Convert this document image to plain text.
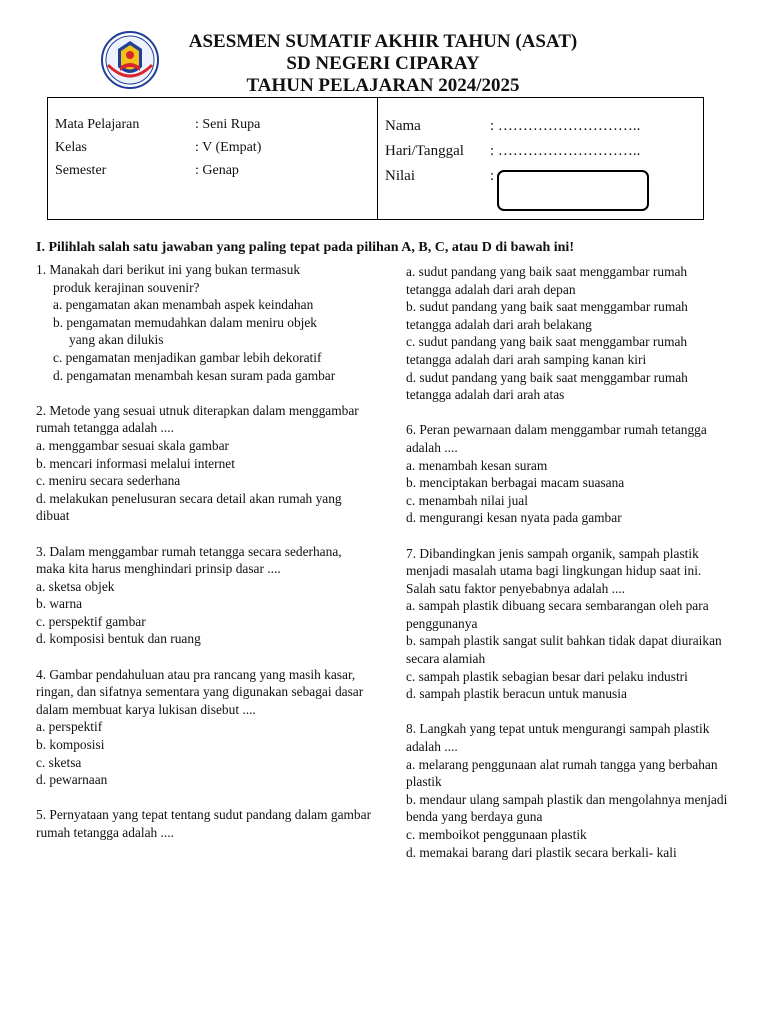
ASESMEN SUMATIF AKHIR TAHUN (ASAT)
SD NEGERI CIPARAY
TAHUN PELAJARAN 2024/2025
Mata Pelajaran	: Seni Rupa
Kelas	: V (Empat)
Semester	: Genap
Nama	: ………………………..
Hari/Tanggal : ………………………..
Nilai	:
I. Pilihlah salah satu jawaban yang paling tepat pada pilihan A, B, C, atau D di bawah ini!

1. Manakah dari berikut ini yang bukan termasuk

produk kerajinan souvenir?

a. pengamatan akan menambah aspek keindahan

b. pengamatan memudahkan dalam meniru objek

yang akan dilukis

c. pengamatan menjadikan gambar lebih dekoratif

d. pengamatan menambah kesan suram pada gambar

2. Metode yang sesuai utnuk diterapkan dalam menggambar rumah tetangga adalah ....

a. menggambar sesuai skala gambar

b. mencari informasi melalui internet

c. meniru secara sederhana

d. melakukan penelusuran secara detail akan rumah yang dibuat

3. Dalam menggambar rumah tetangga secara sederhana, maka kita harus menghindari prinsip dasar ....

a. sketsa objek

b. warna

c. perspektif gambar

d. komposisi bentuk dan ruang

4. Gambar pendahuluan atau pra rancang yang masih kasar, ringan, dan sifatnya sementara yang digunakan sebagai dasar dalam membuat karya lukisan disebut ....

a. perspektif

b. komposisi

c. sketsa

d. pewarnaan

5. Pernyataan yang tepat tentang sudut pandang dalam gambar rumah tetangga adalah ....

a. sudut pandang yang baik saat menggambar rumah tetangga adalah dari arah depan

b. sudut pandang yang baik saat menggambar rumah tetangga adalah dari arah belakang

c. sudut pandang yang baik saat menggambar rumah tetangga adalah dari arah samping kanan kiri

d. sudut pandang yang baik saat menggambar rumah tetangga adalah dari arah atas

6. Peran pewarnaan dalam menggambar rumah tetangga adalah ....

a. menambah kesan suram

b. menciptakan berbagai macam suasana

c. menambah nilai jual

d. mengurangi kesan nyata pada gambar

7. Dibandingkan jenis sampah organik, sampah plastik menjadi masalah utama bagi lingkungan hidup saat ini. Salah satu faktor penyebabnya adalah ....

a. sampah plastik dibuang secara sembarangan oleh para penggunanya

b. sampah plastik sangat sulit bahkan tidak dapat diuraikan secara alamiah

c. sampah plastik sebagian besar dari pelaku industri

d. sampah plastik beracun untuk manusia

8. Langkah yang tepat untuk mengurangi sampah plastik adalah ....

a. melarang penggunaan alat rumah tangga yang berbahan plastik

b. mendaur ulang sampah plastik dan mengolahnya menjadi benda yang berdaya guna

c. memboikot penggunaan plastik

d. memakai barang dari plastik secara berkali- kali
